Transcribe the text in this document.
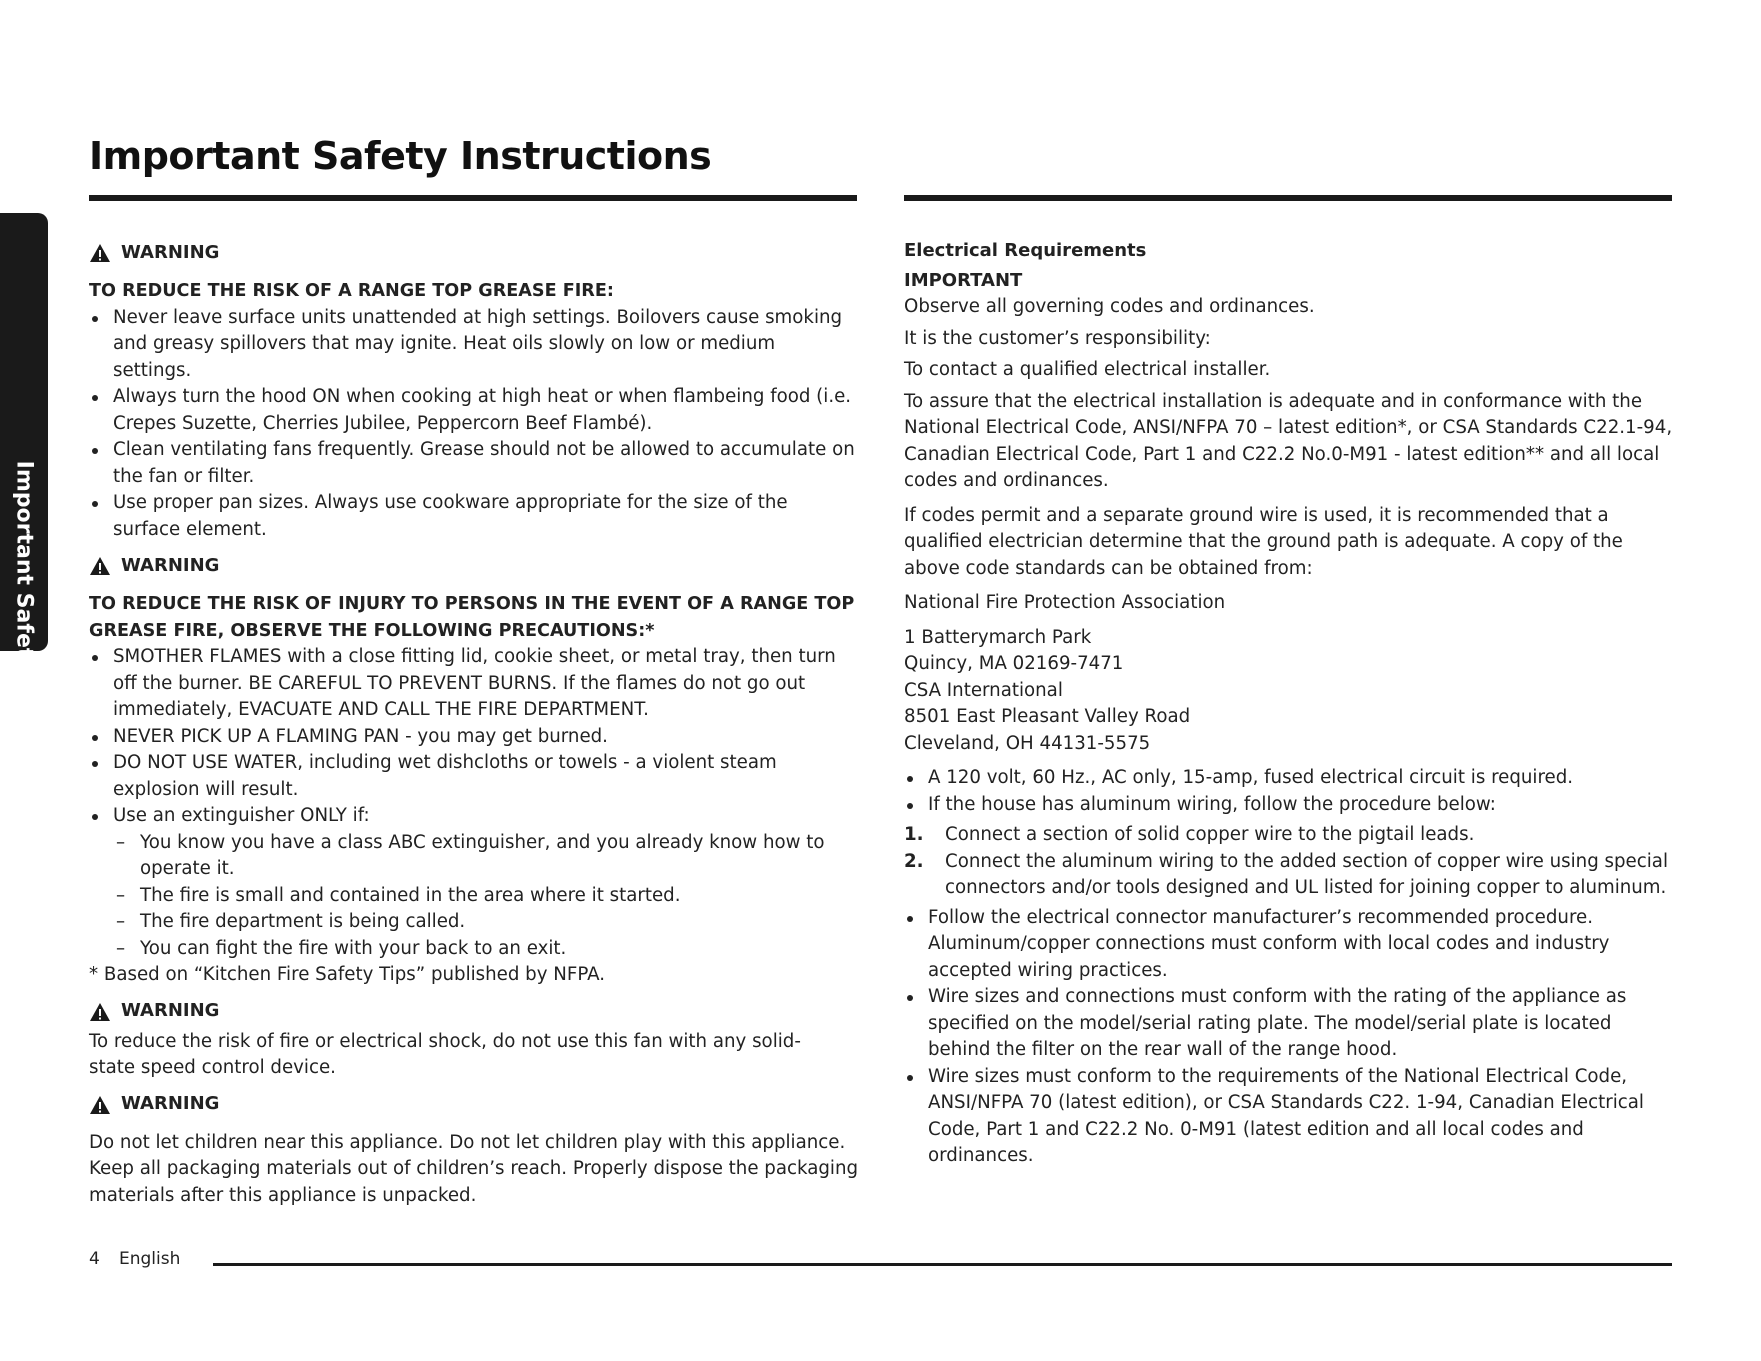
Important Safety Instructions
Important Safety Instructions
WARNING

TO REDUCE THE RISK OF A RANGE TOP GREASE FIRE:

Never leave surface units unattended at high settings. Boilovers cause smoking and greasy spillovers that may ignite. Heat oils slowly on low or medium settings.
Always turn the hood ON when cooking at high heat or when flambeing food (i.e. Crepes Suzette, Cherries Jubilee, Peppercorn Beef Flambé).
Clean ventilating fans frequently. Grease should not be allowed to accumulate on the fan or filter.
Use proper pan sizes. Always use cookware appropriate for the size of the surface element.
WARNING

TO REDUCE THE RISK OF INJURY TO PERSONS IN THE EVENT OF A RANGE TOP GREASE FIRE, OBSERVE THE FOLLOWING PRECAUTIONS:*

SMOTHER FLAMES with a close fitting lid, cookie sheet, or metal tray, then turn off the burner. BE CAREFUL TO PREVENT BURNS. If the flames do not go out immediately, EVACUATE AND CALL THE FIRE DEPARTMENT.
NEVER PICK UP A FLAMING PAN - you may get burned.
DO NOT USE WATER, including wet dishcloths or towels - a violent steam explosion will result.
Use an extinguisher ONLY if:
– You know you have a class ABC extinguisher, and you already know how to operate it.
– The fire is small and contained in the area where it started.
– The fire department is being called.
– You can fight the fire with your back to an exit.

* Based on “Kitchen Fire Safety Tips” published by NFPA.

WARNING

To reduce the risk of fire or electrical shock, do not use this fan with any solid-state speed control device.

WARNING

Do not let children near this appliance. Do not let children play with this appliance. Keep all packaging materials out of children’s reach. Properly dispose the packaging materials after this appliance is unpacked.

Electrical Requirements

IMPORTANT

Observe all governing codes and ordinances.

It is the customer’s responsibility:

To contact a qualified electrical installer.

To assure that the electrical installation is adequate and in conformance with the National Electrical Code, ANSI/NFPA 70 – latest edition*, or CSA Standards C22.1-94, Canadian Electrical Code, Part 1 and C22.2 No.0-M91 - latest edition** and all local codes and ordinances.

If codes permit and a separate ground wire is used, it is recommended that a qualified electrician determine that the ground path is adequate. A copy of the above code standards can be obtained from:

National Fire Protection Association

1 Batterymarch Park

Quincy, MA 02169-7471

CSA International

8501 East Pleasant Valley Road

Cleveland, OH 44131-5575

A 120 volt, 60 Hz., AC only, 15-amp, fused electrical circuit is required.
If the house has aluminum wiring, follow the procedure below:
1. Connect a section of solid copper wire to the pigtail leads.
2. Connect the aluminum wiring to the added section of copper wire using special connectors and/or tools designed and UL listed for joining copper to aluminum.
Follow the electrical connector manufacturer’s recommended procedure. Aluminum/copper connections must conform with local codes and industry accepted wiring practices.
Wire sizes and connections must conform with the rating of the appliance as specified on the model/serial rating plate. The model/serial plate is located behind the filter on the rear wall of the range hood.
Wire sizes must conform to the requirements of the National Electrical Code, ANSI/NFPA 70 (latest edition), or CSA Standards C22. 1-94, Canadian Electrical Code, Part 1 and C22.2 No. 0-M91 (latest edition and all local codes and ordinances.
4 English
